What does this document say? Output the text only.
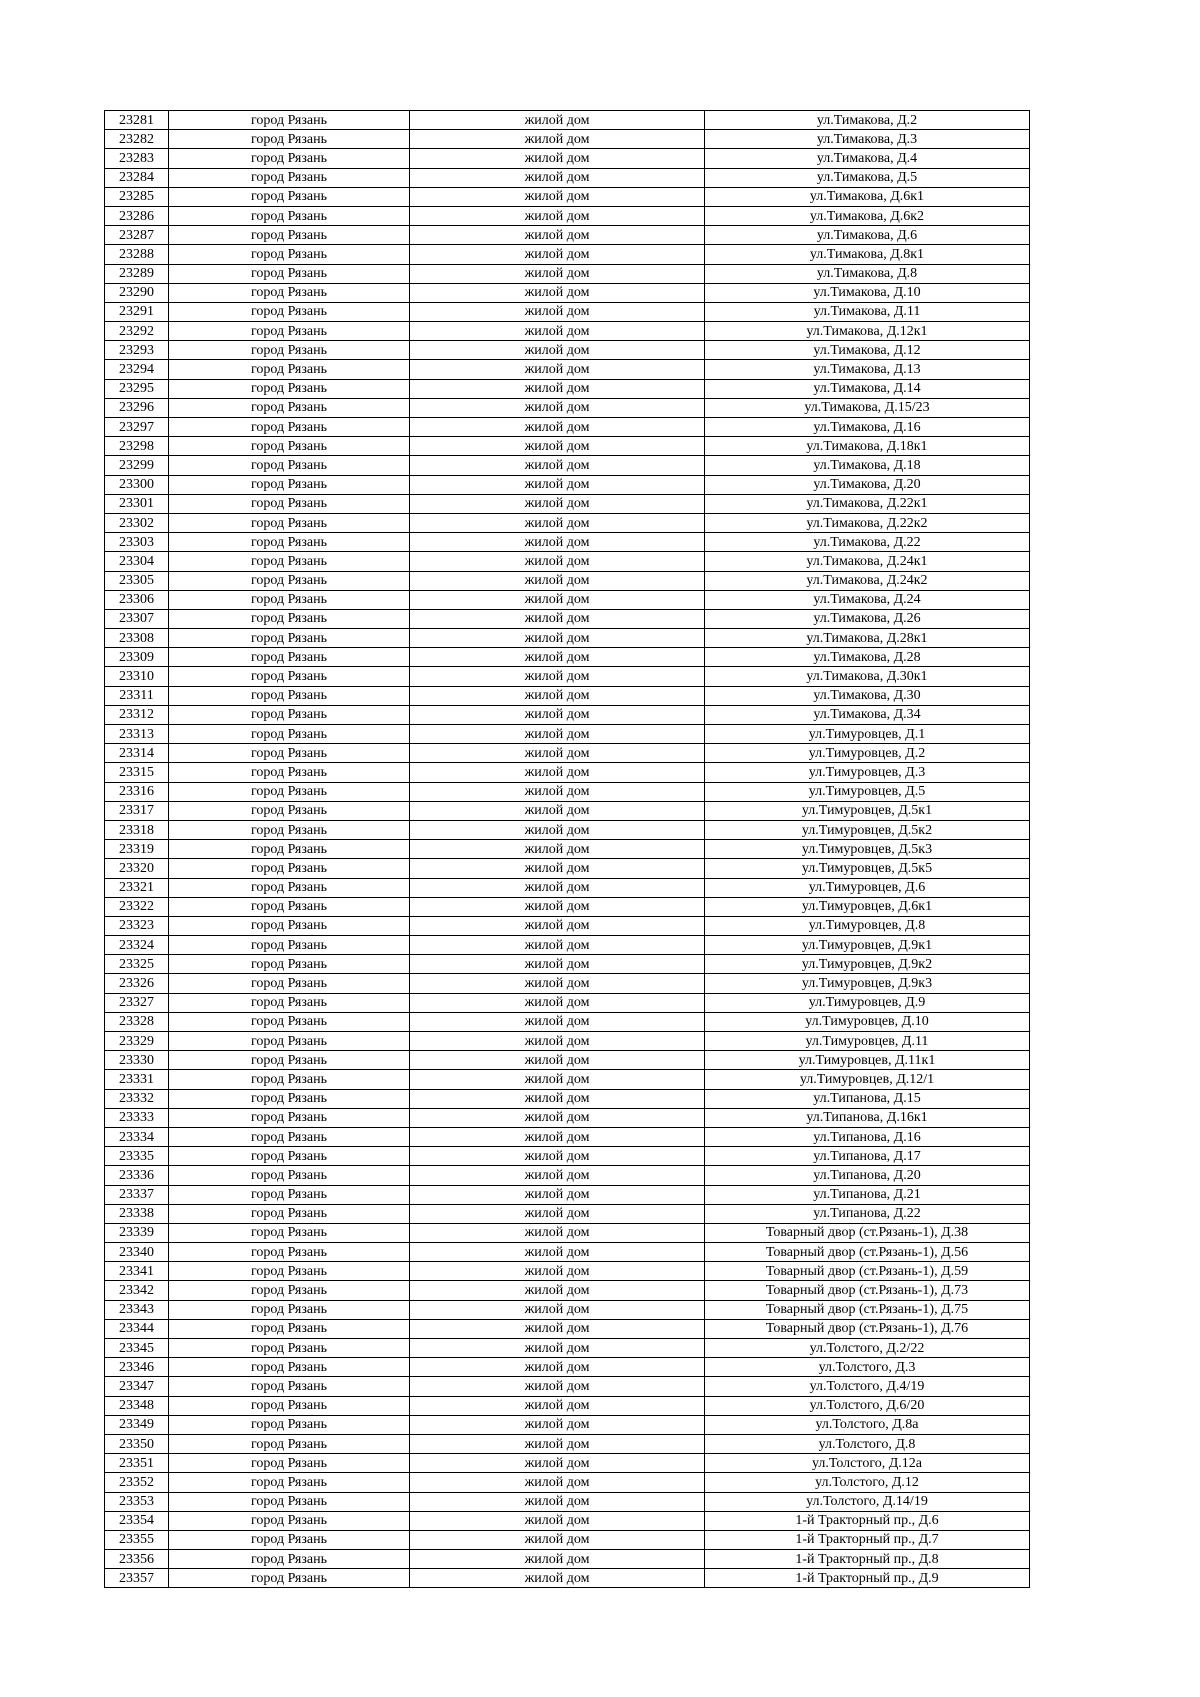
23281	город Рязань	жилой дом	ул.Тимакова, Д.2
23282	город Рязань	жилой дом	ул.Тимакова, Д.3
23283	город Рязань	жилой дом	ул.Тимакова, Д.4
23284	город Рязань	жилой дом	ул.Тимакова, Д.5
23285	город Рязань	жилой дом	ул.Тимакова, Д.6к1
23286	город Рязань	жилой дом	ул.Тимакова, Д.6к2
23287	город Рязань	жилой дом	ул.Тимакова, Д.6
23288	город Рязань	жилой дом	ул.Тимакова, Д.8к1
23289	город Рязань	жилой дом	ул.Тимакова, Д.8
23290	город Рязань	жилой дом	ул.Тимакова, Д.10
23291	город Рязань	жилой дом	ул.Тимакова, Д.11
23292	город Рязань	жилой дом	ул.Тимакова, Д.12к1
23293	город Рязань	жилой дом	ул.Тимакова, Д.12
23294	город Рязань	жилой дом	ул.Тимакова, Д.13
23295	город Рязань	жилой дом	ул.Тимакова, Д.14
23296	город Рязань	жилой дом	ул.Тимакова, Д.15/23
23297	город Рязань	жилой дом	ул.Тимакова, Д.16
23298	город Рязань	жилой дом	ул.Тимакова, Д.18к1
23299	город Рязань	жилой дом	ул.Тимакова, Д.18
23300	город Рязань	жилой дом	ул.Тимакова, Д.20
23301	город Рязань	жилой дом	ул.Тимакова, Д.22к1
23302	город Рязань	жилой дом	ул.Тимакова, Д.22к2
23303	город Рязань	жилой дом	ул.Тимакова, Д.22
23304	город Рязань	жилой дом	ул.Тимакова, Д.24к1
23305	город Рязань	жилой дом	ул.Тимакова, Д.24к2
23306	город Рязань	жилой дом	ул.Тимакова, Д.24
23307	город Рязань	жилой дом	ул.Тимакова, Д.26
23308	город Рязань	жилой дом	ул.Тимакова, Д.28к1
23309	город Рязань	жилой дом	ул.Тимакова, Д.28
23310	город Рязань	жилой дом	ул.Тимакова, Д.30к1
23311	город Рязань	жилой дом	ул.Тимакова, Д.30
23312	город Рязань	жилой дом	ул.Тимакова, Д.34
23313	город Рязань	жилой дом	ул.Тимуровцев, Д.1
23314	город Рязань	жилой дом	ул.Тимуровцев, Д.2
23315	город Рязань	жилой дом	ул.Тимуровцев, Д.3
23316	город Рязань	жилой дом	ул.Тимуровцев, Д.5
23317	город Рязань	жилой дом	ул.Тимуровцев, Д.5к1
23318	город Рязань	жилой дом	ул.Тимуровцев, Д.5к2
23319	город Рязань	жилой дом	ул.Тимуровцев, Д.5к3
23320	город Рязань	жилой дом	ул.Тимуровцев, Д.5к5
23321	город Рязань	жилой дом	ул.Тимуровцев, Д.6
23322	город Рязань	жилой дом	ул.Тимуровцев, Д.6к1
23323	город Рязань	жилой дом	ул.Тимуровцев, Д.8
23324	город Рязань	жилой дом	ул.Тимуровцев, Д.9к1
23325	город Рязань	жилой дом	ул.Тимуровцев, Д.9к2
23326	город Рязань	жилой дом	ул.Тимуровцев, Д.9к3
23327	город Рязань	жилой дом	ул.Тимуровцев, Д.9
23328	город Рязань	жилой дом	ул.Тимуровцев, Д.10
23329	город Рязань	жилой дом	ул.Тимуровцев, Д.11
23330	город Рязань	жилой дом	ул.Тимуровцев, Д.11к1
23331	город Рязань	жилой дом	ул.Тимуровцев, Д.12/1
23332	город Рязань	жилой дом	ул.Типанова, Д.15
23333	город Рязань	жилой дом	ул.Типанова, Д.16к1
23334	город Рязань	жилой дом	ул.Типанова, Д.16
23335	город Рязань	жилой дом	ул.Типанова, Д.17
23336	город Рязань	жилой дом	ул.Типанова, Д.20
23337	город Рязань	жилой дом	ул.Типанова, Д.21
23338	город Рязань	жилой дом	ул.Типанова, Д.22
23339	город Рязань	жилой дом	Товарный двор (ст.Рязань-1), Д.38
23340	город Рязань	жилой дом	Товарный двор (ст.Рязань-1), Д.56
23341	город Рязань	жилой дом	Товарный двор (ст.Рязань-1), Д.59
23342	город Рязань	жилой дом	Товарный двор (ст.Рязань-1), Д.73
23343	город Рязань	жилой дом	Товарный двор (ст.Рязань-1), Д.75
23344	город Рязань	жилой дом	Товарный двор (ст.Рязань-1), Д.76
23345	город Рязань	жилой дом	ул.Толстого, Д.2/22
23346	город Рязань	жилой дом	ул.Толстого, Д.3
23347	город Рязань	жилой дом	ул.Толстого, Д.4/19
23348	город Рязань	жилой дом	ул.Толстого, Д.6/20
23349	город Рязань	жилой дом	ул.Толстого, Д.8а
23350	город Рязань	жилой дом	ул.Толстого, Д.8
23351	город Рязань	жилой дом	ул.Толстого, Д.12а
23352	город Рязань	жилой дом	ул.Толстого, Д.12
23353	город Рязань	жилой дом	ул.Толстого, Д.14/19
23354	город Рязань	жилой дом	1-й Тракторный пр., Д.6
23355	город Рязань	жилой дом	1-й Тракторный пр., Д.7
23356	город Рязань	жилой дом	1-й Тракторный пр., Д.8
23357	город Рязань	жилой дом	1-й Тракторный пр., Д.9
